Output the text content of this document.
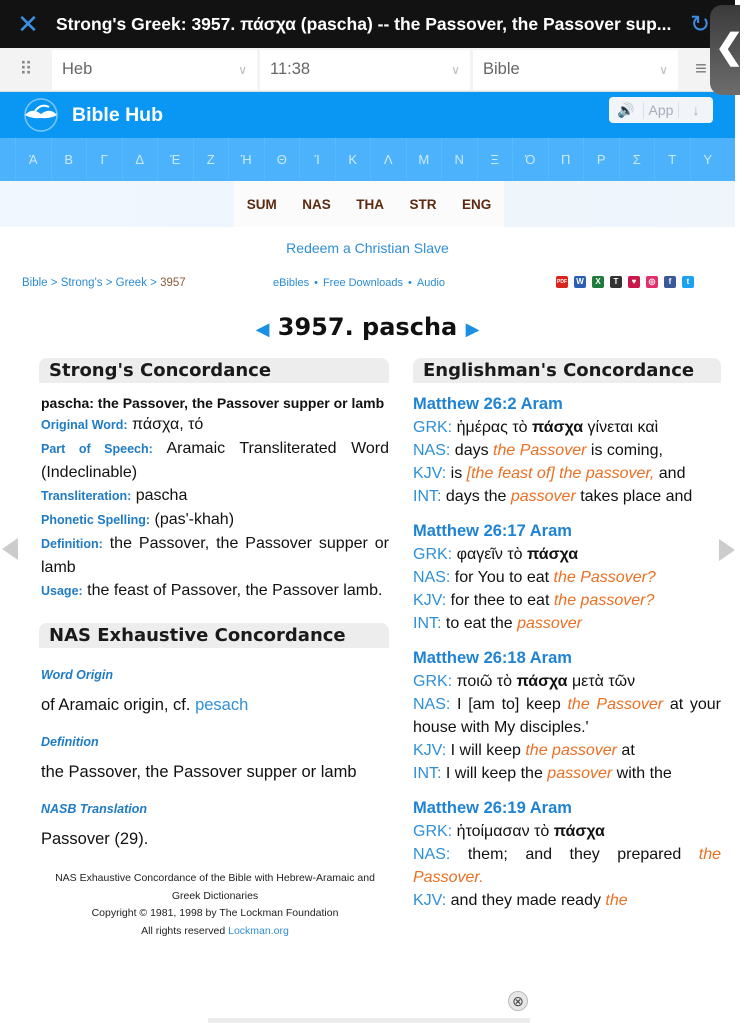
✕ Strong's Greek: 3957. πάσχα (pascha) -- the Passover, the Passover sup... ↻
❮
⠿	Heb	∨ 11:38	∨ Bible	∨	≡
Bible Hub	🔊 App	↓
Ά	Β	Γ	Δ	Έ	Ζ	Ή	Θ	Ί	Κ	Λ	Μ	Ν	Ξ	Ό	Π	Ρ	Σ	Τ	Υ
SUM NAS THA STR ENG
Redeem a Christian Slave
Bible > Strong's > Greek > 3957	eBibles • Free Downloads • Audio	PDF W	X	T	♥	◎	f	t
◀ 3957. pascha ▶
Strong's Concordance
pascha: the Passover, the Passover supper or lamb
Original Word: πάσχα, τό
Part of Speech: Aramaic Transliterated Word (Indeclinable)
Transliteration: pascha
Phonetic Spelling: (pas'-khah)
Definition: the Passover, the Passover supper or lamb
Usage: the feast of Passover, the Passover lamb.
NAS Exhaustive Concordance
Word Origin
of Aramaic origin, cf. pesach
Definition
the Passover, the Passover supper or lamb
NASB Translation
Passover (29).
NAS Exhaustive Concordance of the Bible with Hebrew-Aramaic and Greek Dictionaries
Copyright © 1981, 1998 by The Lockman Foundation
All rights reserved Lockman.org
Englishman's Concordance
Matthew 26:2 Aram
GRK: ἡμέρας τὸ πάσχα γίνεται καὶ
NAS: days the Passover is coming,
KJV: is [the feast of] the passover, and
INT: days the passover takes place and
Matthew 26:17 Aram
GRK: φαγεῖν τὸ πάσχα
NAS: for You to eat the Passover?
KJV: for thee to eat the passover?
INT: to eat the passover
Matthew 26:18 Aram
GRK: ποιῶ τὸ πάσχα μετὰ τῶν
NAS: I [am to] keep the Passover at your house with My disciples.'
KJV: I will keep the passover at
INT: I will keep the passover with the
Matthew 26:19 Aram
GRK: ἡτοίμασαν τὸ πάσχα
NAS: them; and they prepared the Passover.
KJV: and they made ready the
⊗
